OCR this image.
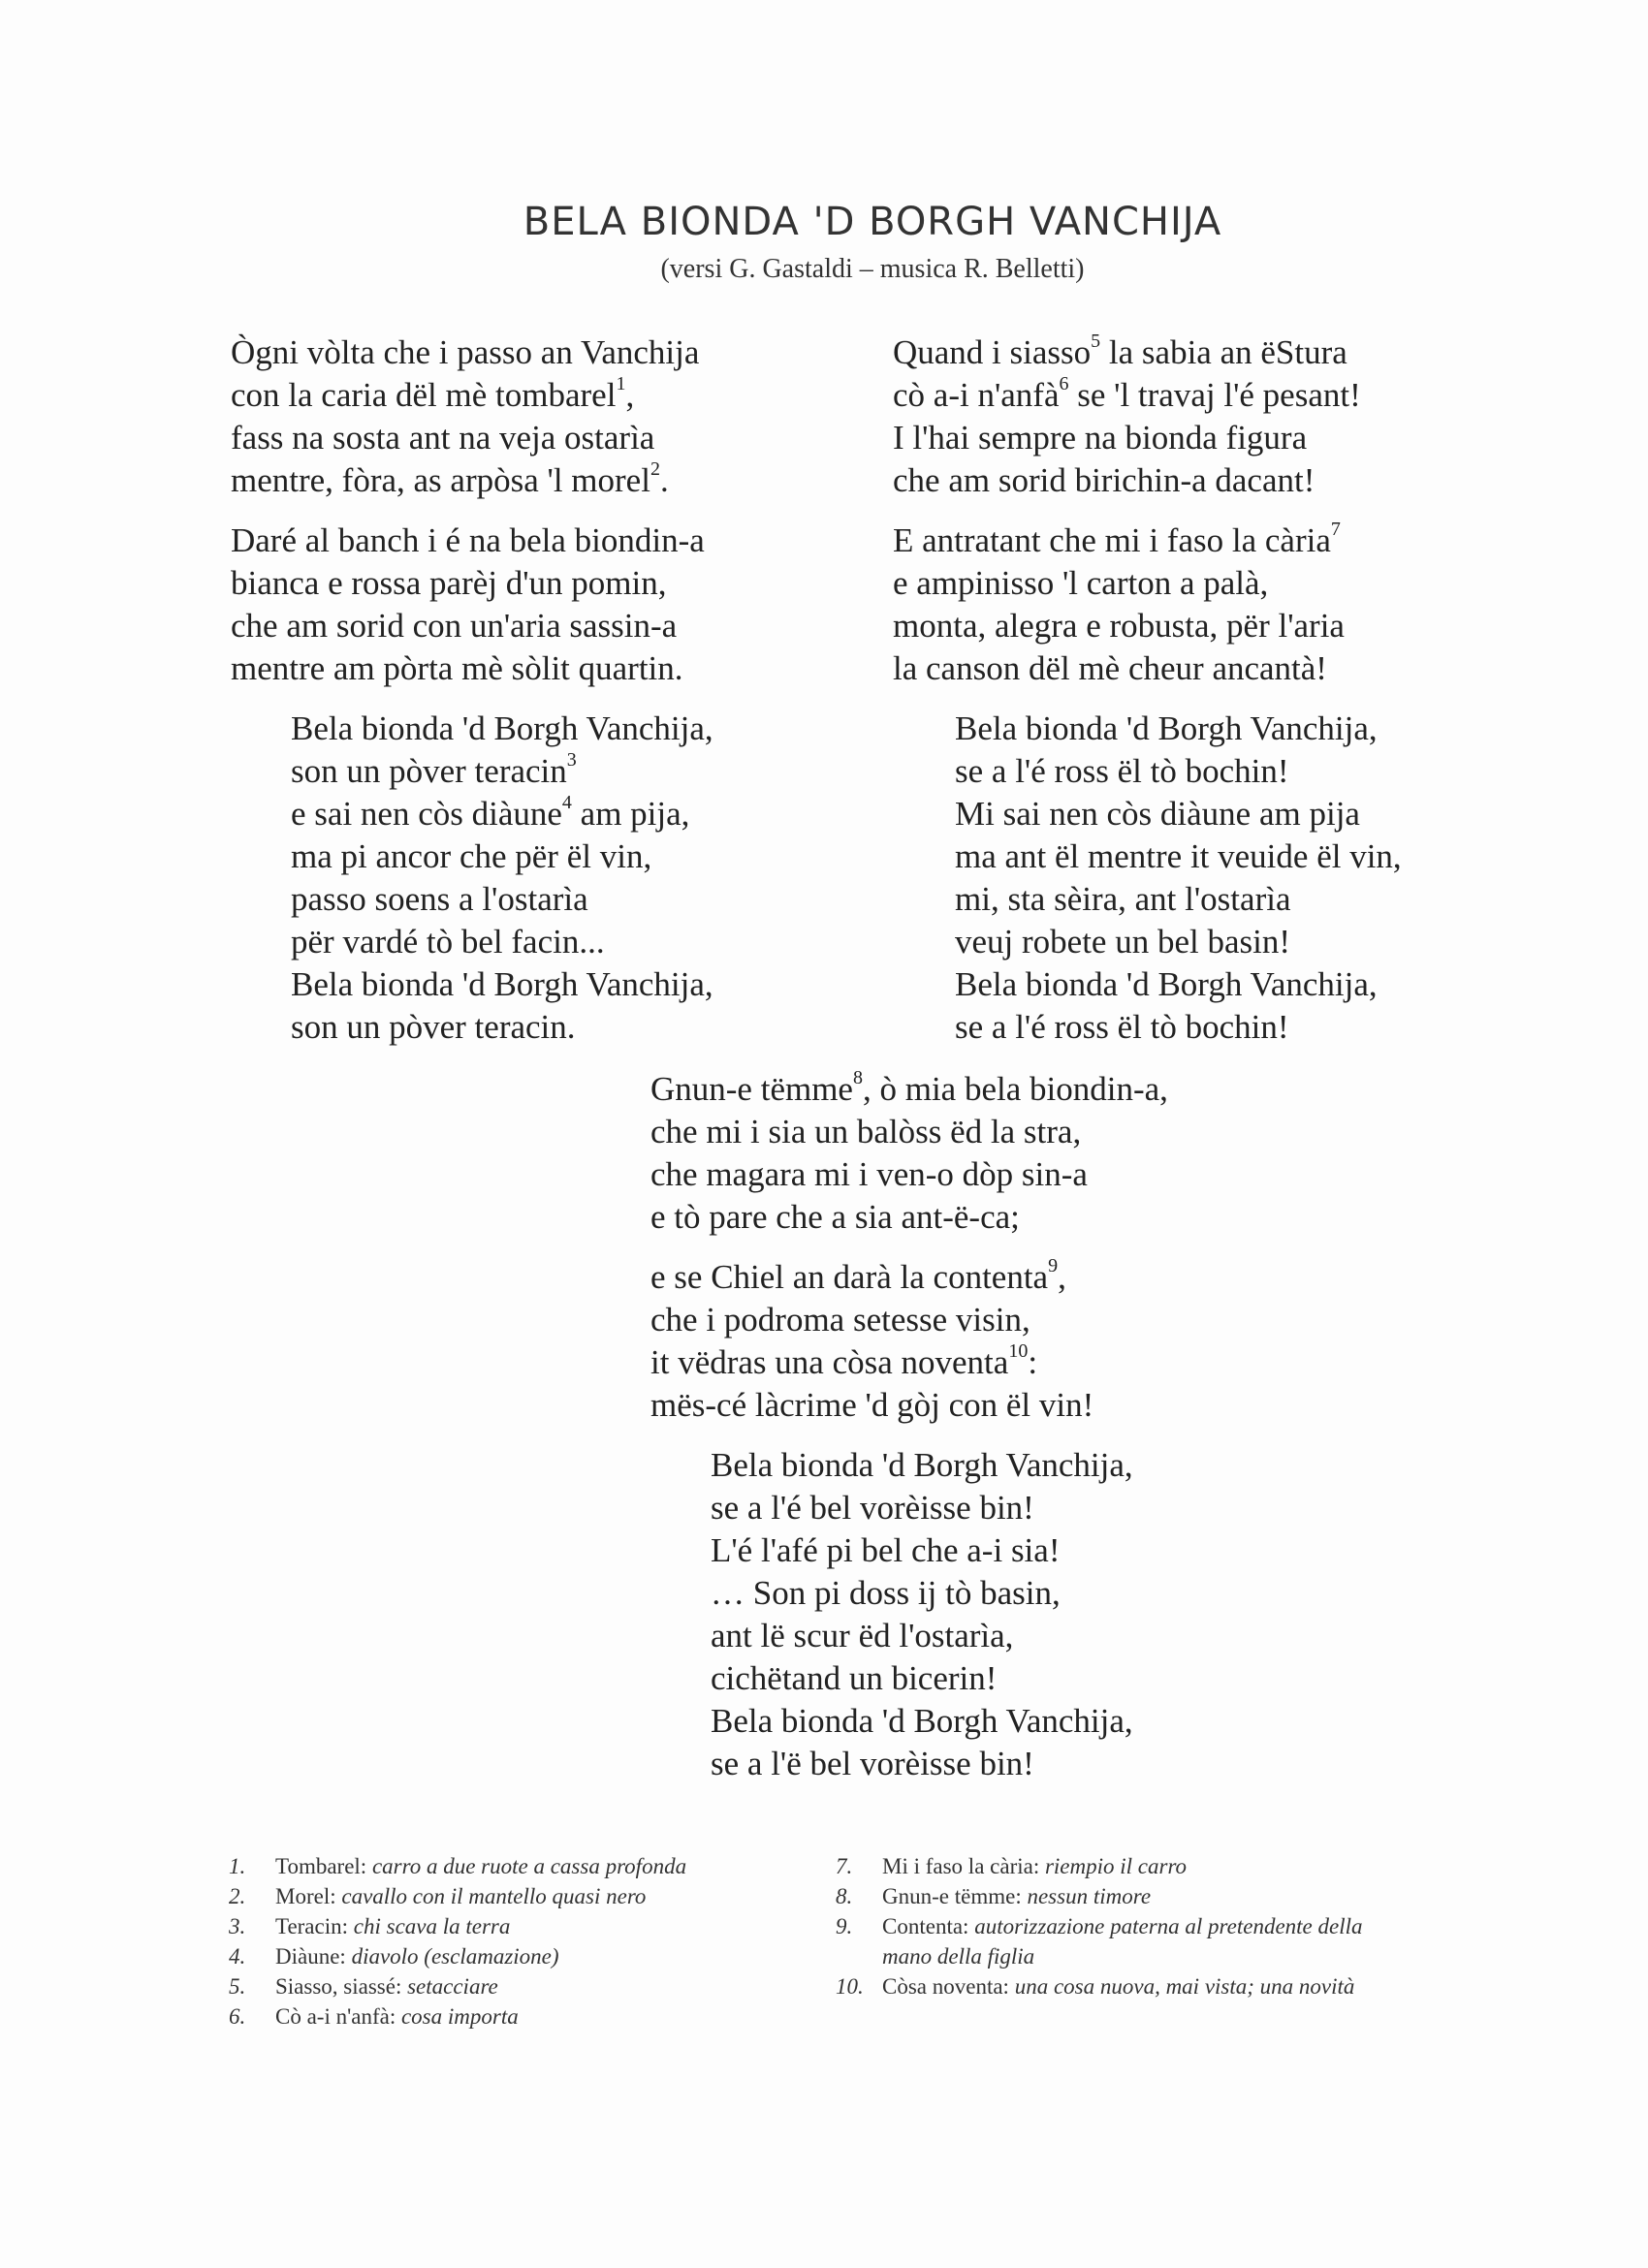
BELA BIONDA 'D BORGH VANCHIJA
(versi G. Gastaldi – musica R. Belletti)
Ògni vòlta che i passo an Vanchija
con la caria dël mè tombarel$^1$,
fass na sosta ant na veja ostarìa
mentre, fòra, as arpòsa 'l morel$^2$.
Daré al banch i é na bela biondin-a
bianca e rossa parèj d'un pomin,
che am sorid con un'aria sassin-a
mentre am pòrta mè sòlit quartin.
Bela bionda 'd Borgh Vanchija,
son un pòver teracin$^3$
e sai nen còs diàune$^4$ am pija,
ma pi ancor che për ël vin,
passo soens a l'ostarìa
për vardé tò bel facin...
Bela bionda 'd Borgh Vanchija,
son un pòver teracin.
Quand i siasso$^5$ la sabia an ëStura
cò a-i n'anfà$^6$ se 'l travaj l'é pesant!
I l'hai sempre na bionda figura
che am sorid birichin-a dacant!
E antratant che mi i faso la cària$^7$
e ampinisso 'l carton a palà,
monta, alegra e robusta, për l'aria
la canson dël mè cheur ancantà!
Bela bionda 'd Borgh Vanchija,
se a l'é ross ël tò bochin!
Mi sai nen còs diàune am pija
ma ant ël mentre it veuide ël vin,
mi, sta sèira, ant l'ostarìa
veuj robete un bel basin!
Bela bionda 'd Borgh Vanchija,
se a l'é ross ël tò bochin!
Gnun-e tëmme$^8$, ò mia bela biondin-a,
che mi i sia un balòss ëd la stra,
che magara mi i ven-o dòp sin-a
e tò pare che a sia ant-ë-ca;
e se Chiel an darà la contenta$^9$,
che i podroma setesse visin,
it vëdras una còsa noventa$^{10}$:
mës-cé làcrime 'd gòj con ël vin!
Bela bionda 'd Borgh Vanchija,
se a l'é bel vorèisse bin!
L'é l'afé pi bel che a-i sia!
… Son pi doss ij tò basin,
ant lë scur ëd l'ostarìa,
cichëtand un bicerin!
Bela bionda 'd Borgh Vanchija,
se a l'ë bel vorèisse bin!
1. Tombarel: carro a due ruote a cassa profonda
2. Morel: cavallo con il mantello quasi nero
3. Teracin: chi scava la terra
4. Diàune: diavolo (esclamazione)
5. Siasso, siassé: setacciare
6. Cò a-i n'anfà: cosa importa
7. Mi i faso la cària: riempio il carro
8. Gnun-e tëmme: nessun timore
9. Contenta: autorizzazione paterna al pretendente della
mano della figlia
10. Còsa noventa: una cosa nuova, mai vista; una novità
